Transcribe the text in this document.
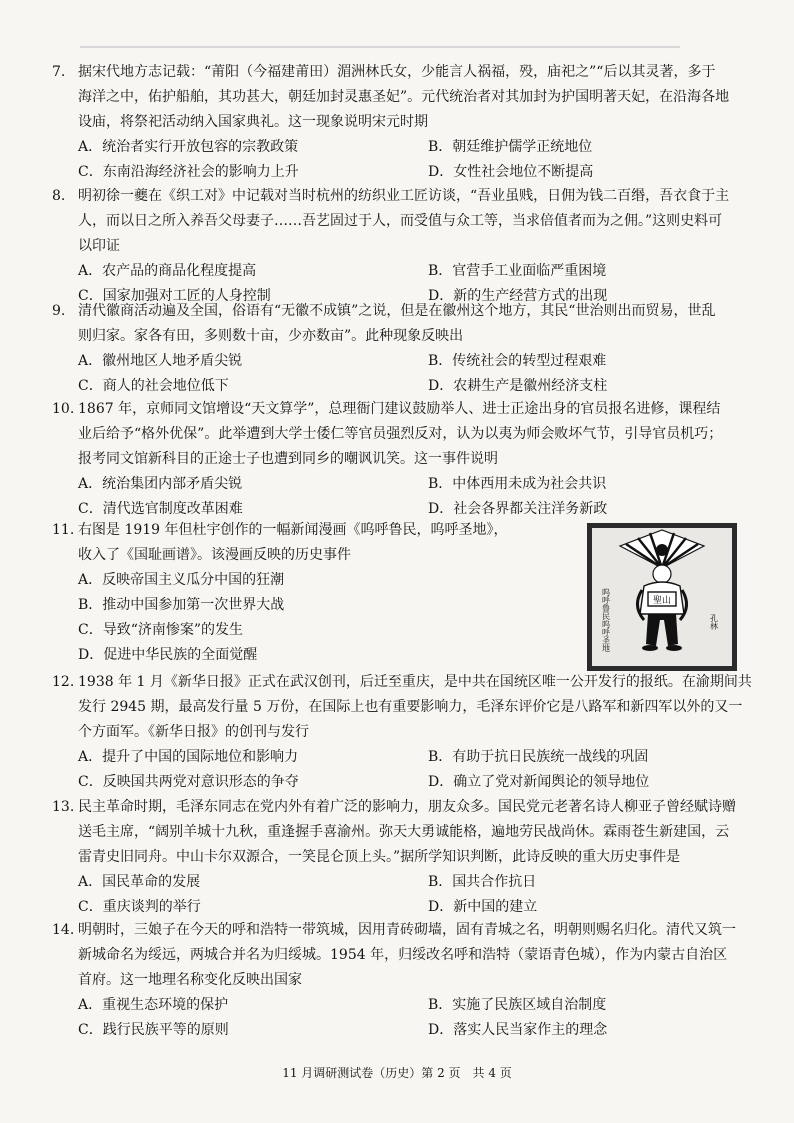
7. 据宋代地方志记载：“莆阳（今福建莆田）湄洲林氏女，少能言人祸福，殁，庙祀之”“后以其灵著，多于
海洋之中，佑护船舶，其功甚大，朝廷加封灵惠圣妃”。元代统治者对其加封为护国明著天妃，在沿海各地
设庙，将祭祀活动纳入国家典礼。这一现象说明宋元时期
A．统治者实行开放包容的宗教政策	B．朝廷维护儒学正统地位
C．东南沿海经济社会的影响力上升	D．女性社会地位不断提高
8. 明初徐一夔在《织工对》中记载对当时杭州的纺织业工匠访谈，“吾业虽贱，日佣为钱二百缗，吾衣食于主
人，而以日之所入养吾父母妻子……吾艺固过于人，而受值与众工等，当求倍值者而为之佣。”这则史料可
以印证
A．农产品的商品化程度提高	B．官营手工业面临严重困境
C．国家加强对工匠的人身控制	D．新的生产经营方式的出现
9. 清代徽商活动遍及全国，俗语有“无徽不成镇”之说，但是在徽州这个地方，其民“世治则出而贸易，世乱
则归家。家各有田，多则数十亩，少亦数亩”。此种现象反映出
A．徽州地区人地矛盾尖锐	B．传统社会的转型过程艰难
C．商人的社会地位低下	D．农耕生产是徽州经济支柱
10. 1867 年，京师同文馆增设“天文算学”，总理衙门建议鼓励举人、进士正途出身的官员报名进修，课程结
业后给予“格外优保”。此举遭到大学士倭仁等官员强烈反对，认为以夷为师会败坏气节，引导官员机巧；
报考同文馆新科目的正途士子也遭到同乡的嘲讽讥笑。这一事件说明
A．统治集团内部矛盾尖锐	B．中体西用未成为社会共识
C．清代选官制度改革困难	D．社会各界都关注洋务新政
11. 右图是 1919 年但杜宇创作的一幅新闻漫画《呜呼鲁民，呜呼圣地》，
收入了《国耻画谱》。该漫画反映的历史事件
A．反映帝国主义瓜分中国的狂潮
B．推动中国参加第一次世界大战
C．导致“济南惨案”的发生
D．促进中华民族的全面觉醒
聖山
呜呼鲁民呜呼圣地	孔林
12. 1938 年 1 月《新华日报》正式在武汉创刊，后迁至重庆，是中共在国统区唯一公开发行的报纸。在渝期间共
发行 2945 期，最高发行量 5 万份，在国际上也有重要影响力，毛泽东评价它是八路军和新四军以外的又一
个方面军。《新华日报》的创刊与发行
A．提升了中国的国际地位和影响力	B．有助于抗日民族统一战线的巩固
C．反映国共两党对意识形态的争夺	D．确立了党对新闻舆论的领导地位
13. 民主革命时期，毛泽东同志在党内外有着广泛的影响力，朋友众多。国民党元老著名诗人柳亚子曾经赋诗赠
送毛主席，“阔别羊城十九秋，重逢握手喜渝州。弥天大勇诚能格，遍地劳民战尚休。霖雨苍生新建国，云
雷青史旧同舟。中山卡尔双源合，一笑昆仑顶上头。”据所学知识判断，此诗反映的重大历史事件是
A．国民革命的发展	B．国共合作抗日
C．重庆谈判的举行	D．新中国的建立
14. 明朝时，三娘子在今天的呼和浩特一带筑城，因用青砖砌墙，固有青城之名，明朝则赐名归化。清代又筑一
新城命名为绥远，两城合并名为归绥城。1954 年，归绥改名呼和浩特（蒙语青色城），作为内蒙古自治区
首府。这一地理名称变化反映出国家
A．重视生态环境的保护	B．实施了民族区域自治制度
C．践行民族平等的原则	D．落实人民当家作主的理念
11 月调研测试卷（历史）第 2 页　共 4 页
